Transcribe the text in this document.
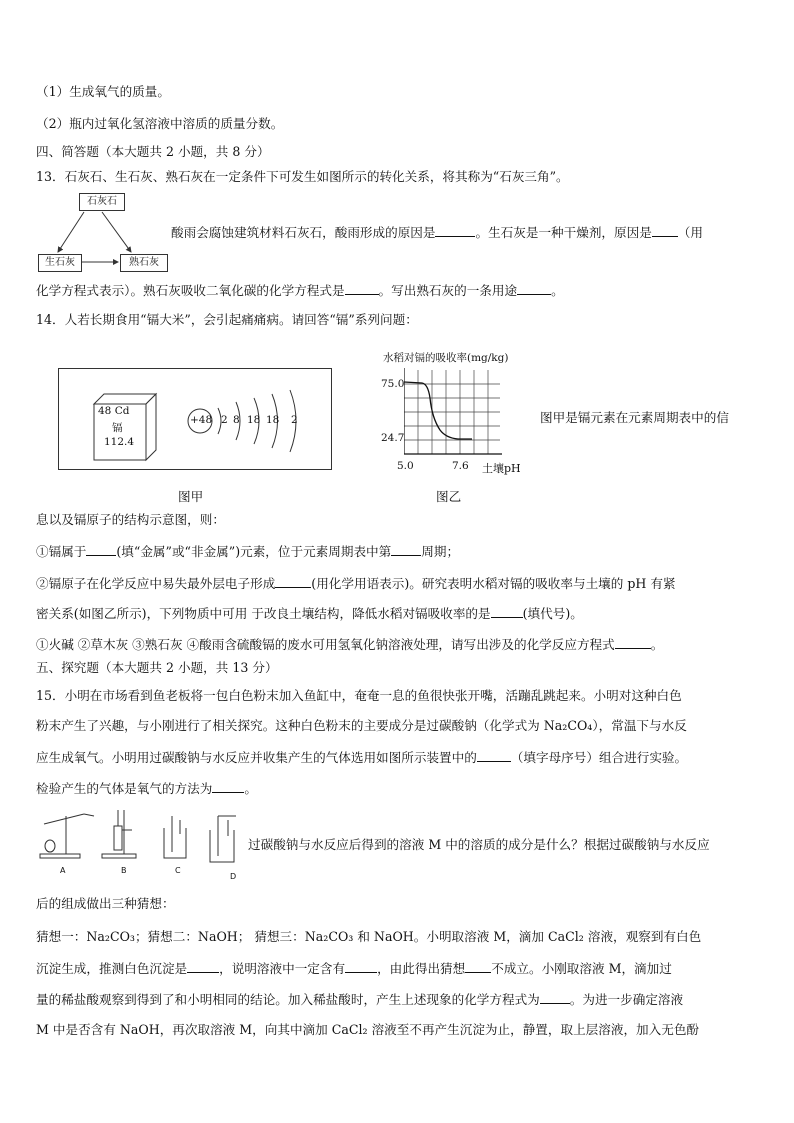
（1）生成氧气的质量。
（2）瓶内过氧化氢溶液中溶质的质量分数。
四、简答题（本大题共 2 小题，共 8 分）
13．石灰石、生石灰、熟石灰在一定条件下可发生如图所示的转化关系，将其称为“石灰三角”。
石灰石
生石灰	熟石灰
酸雨会腐蚀建筑材料石灰石，酸雨形成的原因是	。生石灰是一种干燥剂，原因是 （用
化学方程式表示）。熟石灰吸收二氧化碳的化学方程式是	。写出熟石灰的一条用途	。
14．人若长期食用“镉大米”，会引起痛痛病。请回答“镉”系列问题：
48 Cd
镉
112.4
+48 2 8 18 18 2
图甲
水稻对镉的吸收率(mg/kg)
75.0
24.7
5.0	7.6 土壤pH
图乙
图甲是镉元素在元素周期表中的信
息以及镉原子的结构示意图，则：
①镉属于 (填“金属”或“非金属”)元素，位于元素周期表中第 周期；
②镉原子在化学反应中易失最外层电子形成	(用化学用语表示)。研究表明水稻对镉的吸收率与土壤的 pH 有紧
密关系(如图乙所示)，下列物质中可用 于改良土壤结构，降低水稻对镉吸收率的是	(填代号)。
①火碱 ②草木灰 ③熟石灰 ④酸雨含硫酸镉的废水可用氢氧化钠溶液处理，请写出涉及的化学反应方程式	。
五、探究题（本大题共 2 小题，共 13 分）
15．小明在市场看到鱼老板将一包白色粉末加入鱼缸中，奄奄一息的鱼很快张开嘴，活蹦乱跳起来。小明对这种白色
粉末产生了兴趣，与小刚进行了相关探究。这种白色粉末的主要成分是过碳酸钠（化学式为 Na₂CO₄），常温下与水反
应生成氧气。小明用过碳酸钠与水反应并收集产生的气体选用如图所示装置中的	（填字母序号）组合进行实验。
检验产生的气体是氧气的方法为	。
A	B	C
D
过碳酸钠与水反应后得到的溶液 M 中的溶质的成分是什么？根据过碳酸钠与水反应
后的组成做出三种猜想：
猜想一：Na₂CO₃；猜想二：NaOH； 猜想三：Na₂CO₃ 和 NaOH。小明取溶液 M，滴加 CaCl₂ 溶液，观察到有白色
沉淀生成，推测白色沉淀是	，说明溶液中一定含有	，由此得出猜想 不成立。小刚取溶液 M，滴加过
量的稀盐酸观察到得到了和小明相同的结论。加入稀盐酸时，产生上述现象的化学方程式为 。为进一步确定溶液
M 中是否含有 NaOH，再次取溶液 M，向其中滴加 CaCl₂ 溶液至不再产生沉淀为止，静置，取上层溶液，加入无色酚
